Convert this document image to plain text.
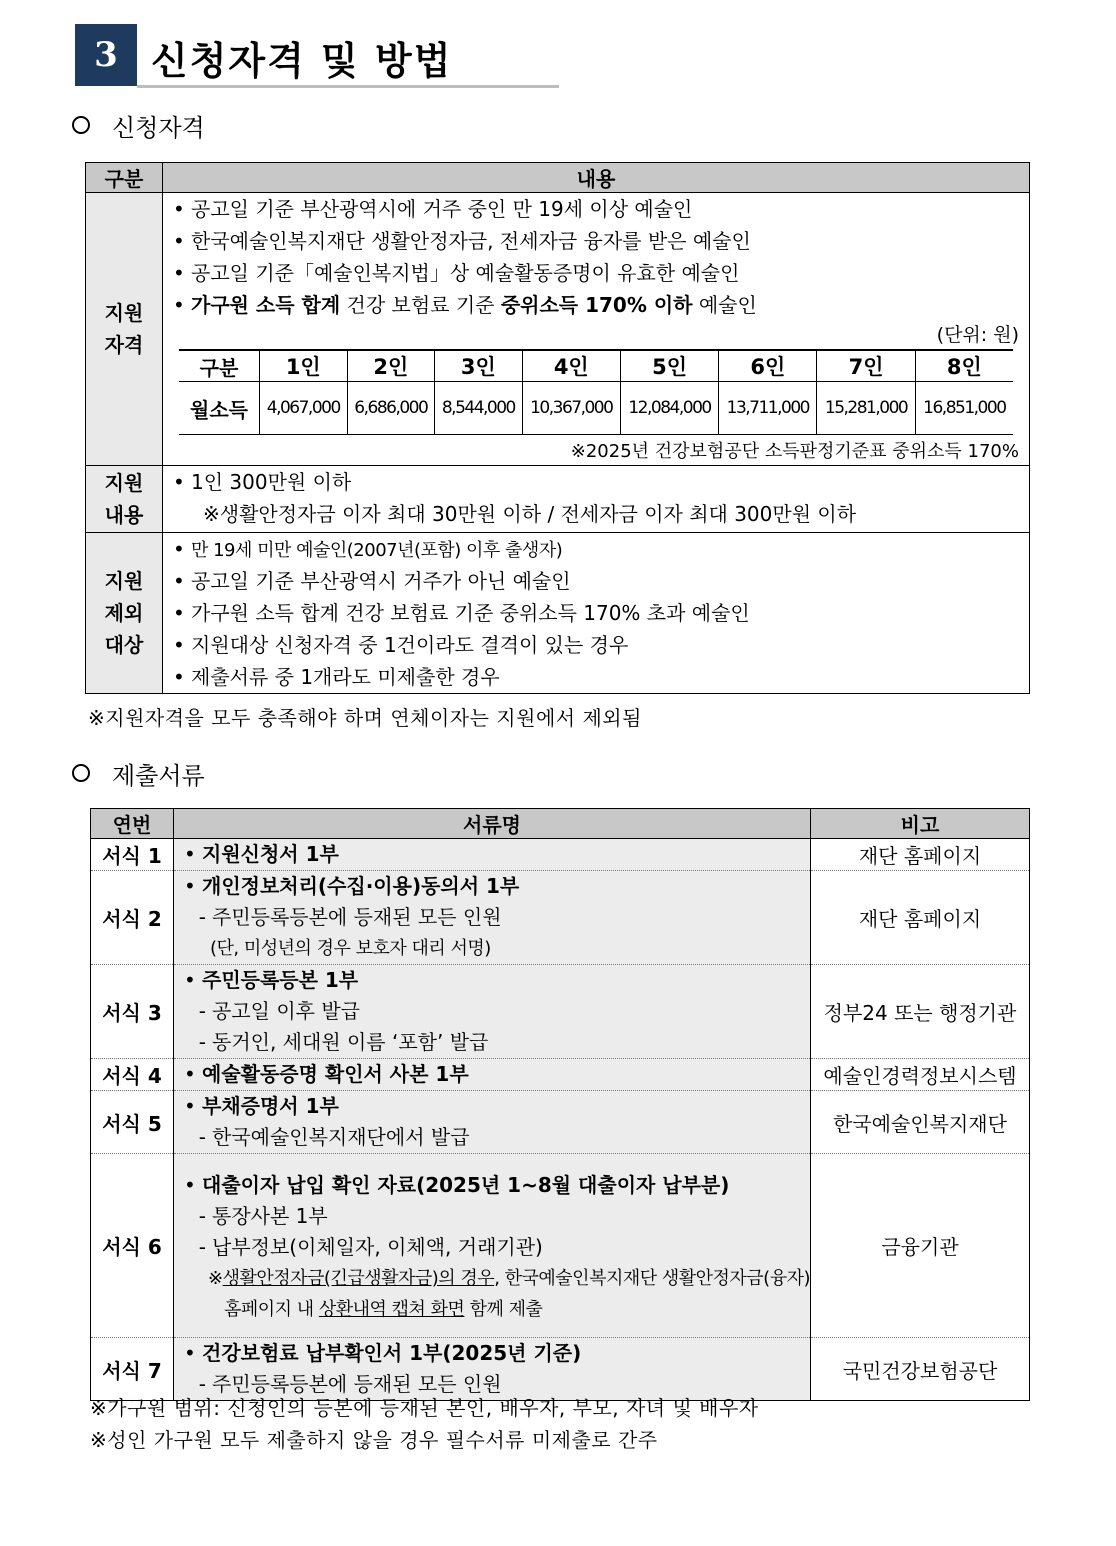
3 신청자격 및 방법
신청자격
구분	내용

지원
자격

• 공고일 기준 부산광역시에 거주 중인 만 19세 이상 예술인
• 한국예술인복지재단 생활안정자금, 전세자금 융자를 받은 예술인
• 공고일 기준「예술인복지법」상 예술활동증명이 유효한 예술인
• 가구원 소득 합계 건강 보험료 기준 중위소득 170% 이하 예술인
(단위: 원)
구분	1인	2인	3인	4인	5인	6인	7인	8인
월소득	4,067,000	6,686,000	8,544,000	10,367,000	12,084,000	13,711,000	15,281,000	16,851,000
※2025년 건강보험공단 소득판정기준표 중위소득 170%

지원
내용

• 1인 300만원 이하
※생활안정자금 이자 최대 30만원 이하 / 전세자금 이자 최대 300만원 이하

지원
제외
대상

• 만 19세 미만 예술인(2007년(포함) 이후 출생자)
• 공고일 기준 부산광역시 거주가 아닌 예술인
• 가구원 소득 합계 건강 보험료 기준 중위소득 170% 초과 예술인
• 지원대상 신청자격 중 1건이라도 결격이 있는 경우
• 제출서류 중 1개라도 미제출한 경우
※지원자격을 모두 충족해야 하며 연체이자는 지원에서 제외됨
제출서류
연번	서류명	비고
서식 1	• 지원신청서 1부	재단 홈페이지
서식 2	• 개인정보처리(수집·이용)동의서 1부
- 주민등록등본에 등재된 모든 인원
(단, 미성년의 경우 보호자 대리 서명)	재단 홈페이지
서식 3	• 주민등록등본 1부
- 공고일 이후 발급
- 동거인, 세대원 이름 ‘포함’ 발급	정부24 또는 행정기관
서식 4	• 예술활동증명 확인서 사본 1부	예술인경력정보시스템
서식 5	• 부채증명서 1부
- 한국예술인복지재단에서 발급	한국예술인복지재단
서식 6	• 대출이자 납입 확인 자료(2025년 1~8월 대출이자 납부분)
- 통장사본 1부
- 납부정보(이체일자, 이체액, 거래기관)
※생활안정자금(긴급생활자금)의 경우, 한국예술인복지재단 생활안정자금(융자)
홈페이지 내 상환내역 캡쳐 화면 함께 제출	금융기관
서식 7	• 건강보험료 납부확인서 1부(2025년 기준)
- 주민등록등본에 등재된 모든 인원	국민건강보험공단
※가구원 범위: 신청인의 등본에 등재된 본인, 배우자, 부모, 자녀 및 배우자
※성인 가구원 모두 제출하지 않을 경우 필수서류 미제출로 간주
